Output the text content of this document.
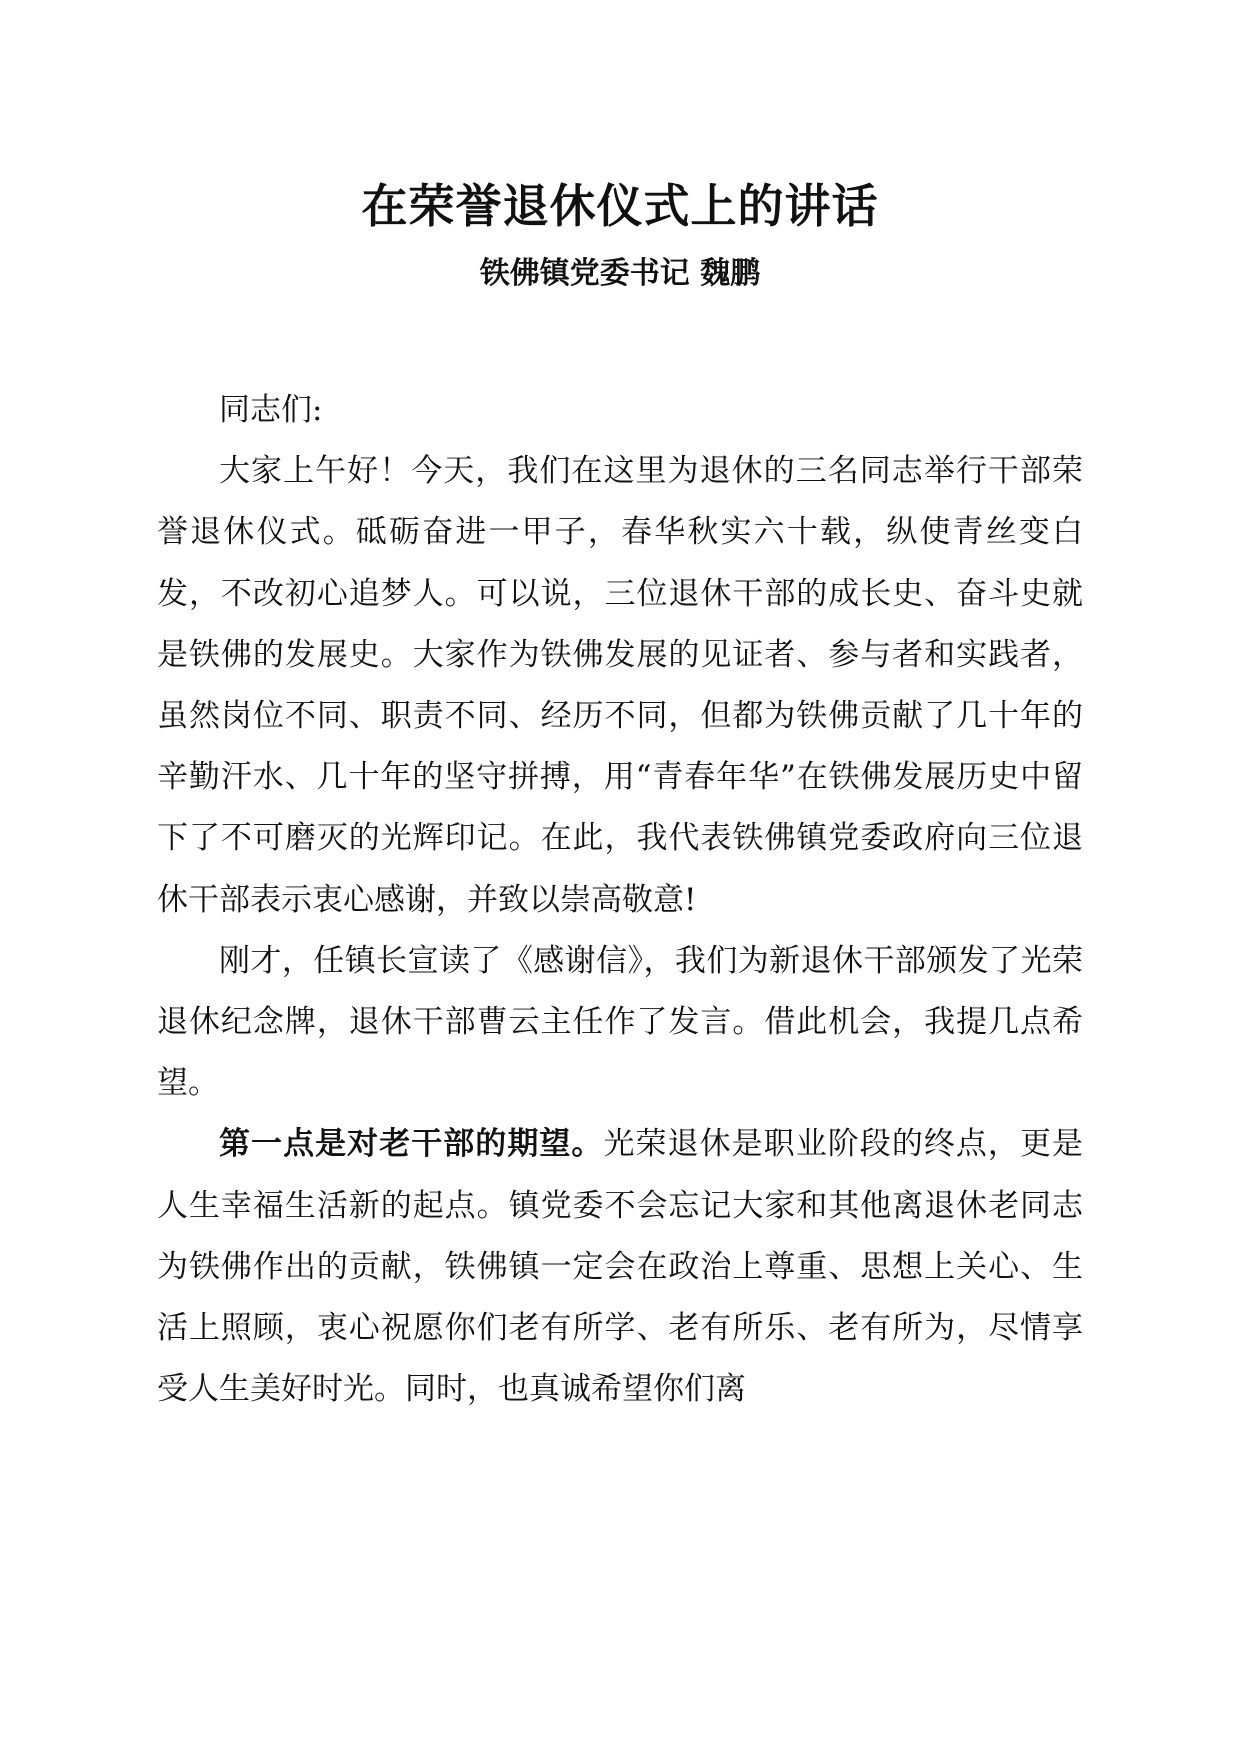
在荣誉退休仪式上的讲话
铁佛镇党委书记 魏鹏

同志们:

大家上午好！今天，我们在这里为退休的三名同志举行干部荣誉退休仪式。砥砺奋进一甲子，春华秋实六十载，纵使青丝变白发，不改初心追梦人。可以说，三位退休干部的成长史、奋斗史就是铁佛的发展史。大家作为铁佛发展的见证者、参与者和实践者，虽然岗位不同、职责不同、经历不同，但都为铁佛贡献了几十年的辛勤汗水、几十年的坚守拼搏，用“青春年华”在铁佛发展历史中留下了不可磨灭的光辉印记。在此，我代表铁佛镇党委政府向三位退休干部表示衷心感谢，并致以崇高敬意!

刚才，任镇长宣读了《感谢信》，我们为新退休干部颁发了光荣退休纪念牌，退休干部曹云主任作了发言。借此机会，我提几点希望。

第一点是对老干部的期望。光荣退休是职业阶段的终点，更是人生幸福生活新的起点。镇党委不会忘记大家和其他离退休老同志为铁佛作出的贡献，铁佛镇一定会在政治上尊重、思想上关心、生活上照顾，衷心祝愿你们老有所学、老有所乐、老有所为，尽情享受人生美好时光。同时，也真诚希望你们离
